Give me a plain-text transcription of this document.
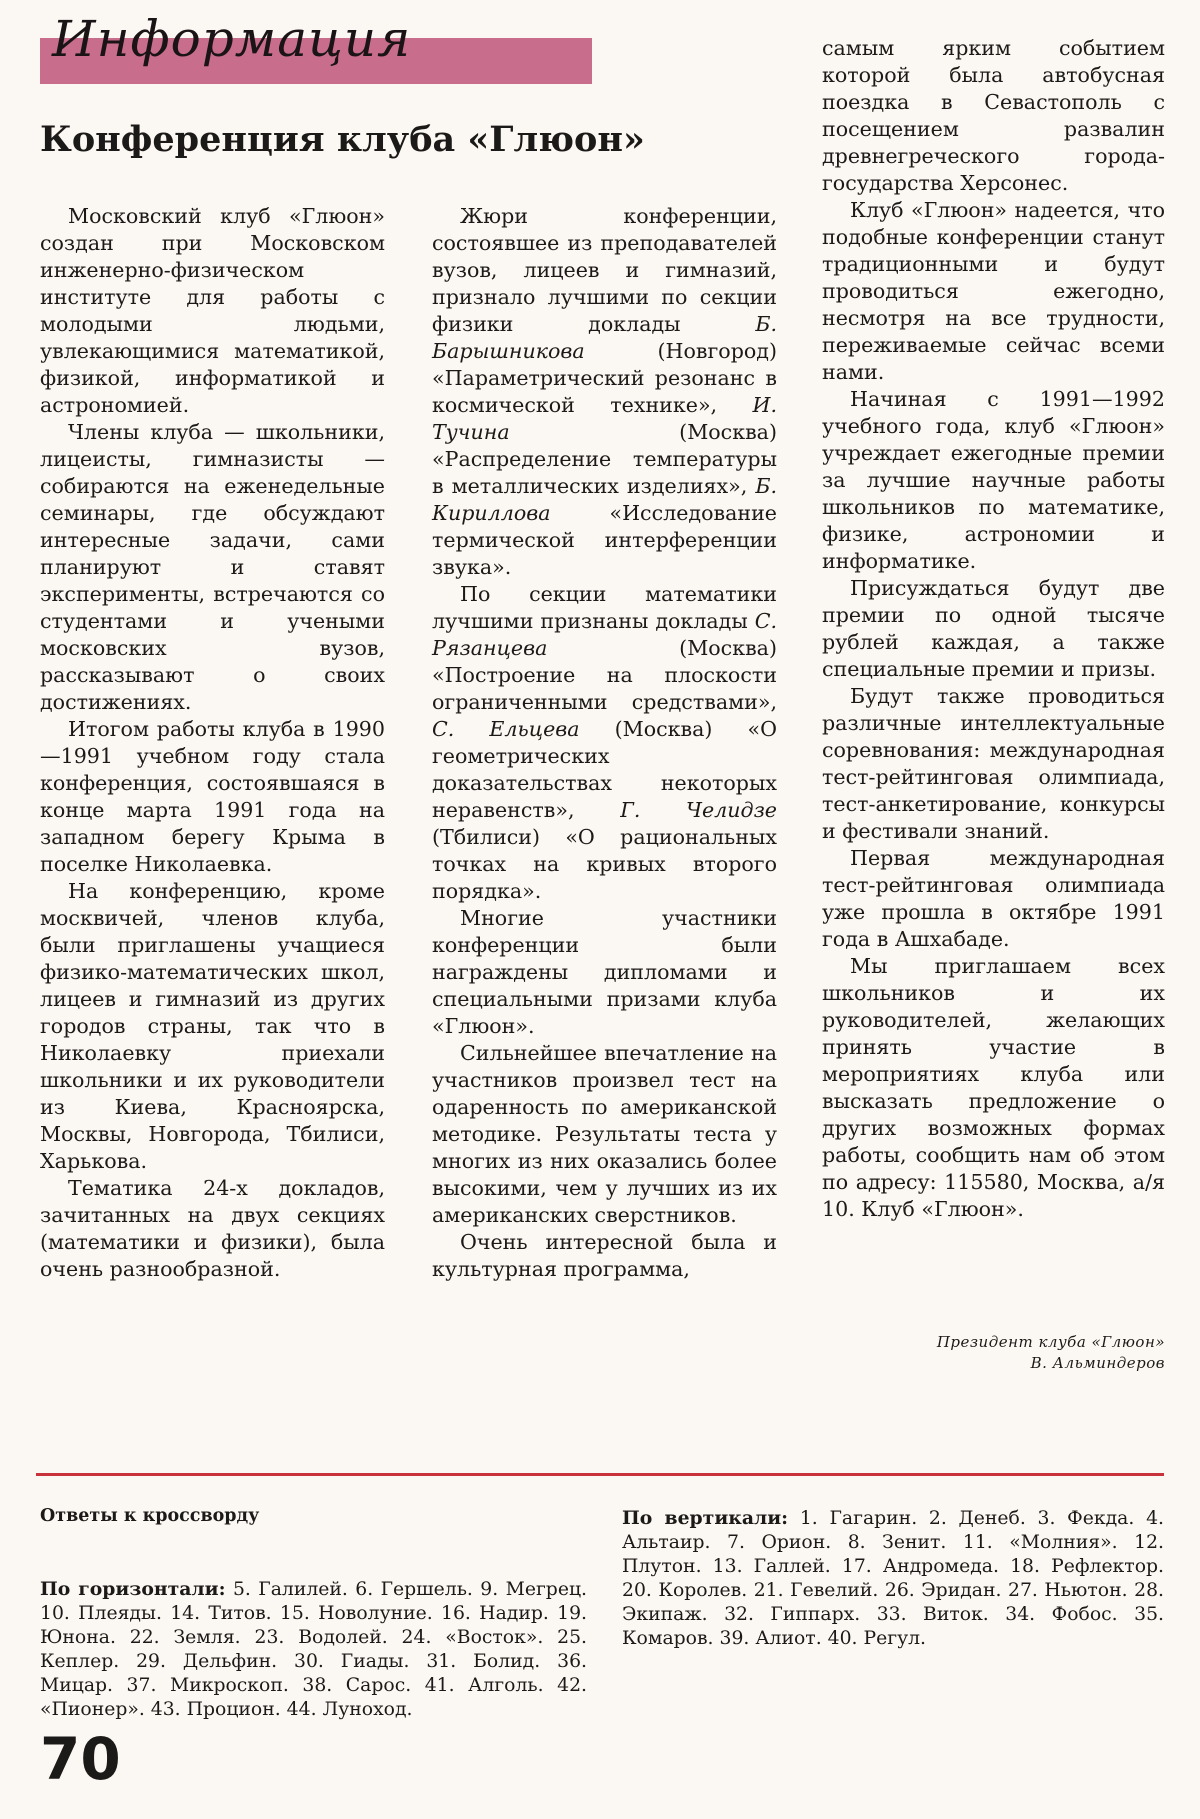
Информация
Конференция клуба «Глюон»

Московский клуб «Глюон» создан при Московском инженерно-физическом институте для работы с молодыми людьми, увлекающимися математикой, физикой, информатикой и астрономией.

Члены клуба — школьники, лицеисты, гимназисты — собираются на еженедельные семинары, где обсуждают интересные задачи, сами планируют и ставят эксперименты, встречаются со студентами и учеными московских вузов, рассказывают о своих достижениях.

Итогом работы клуба в 1990—1991 учебном году стала конференция, состоявшаяся в конце марта 1991 года на западном берегу Крыма в поселке Николаевка.

На конференцию, кроме москвичей, членов клуба, были приглашены учащиеся физико-математических школ, лицеев и гимназий из других городов страны, так что в Николаевку приехали школьники и их руководители из Киева, Красноярска, Москвы, Новгорода, Тбилиси, Харькова.

Тематика 24-х докладов, зачитанных на двух секциях (математики и физики), была очень разнообразной.

Жюри конференции, состоявшее из преподавателей вузов, лицеев и гимназий, признало лучшими по секции физики доклады Б. Барышникова (Новгород) «Параметрический резонанс в космической технике», И. Тучина (Москва) «Распределение температуры в металлических изделиях», Б. Кириллова «Исследование термической интерференции звука».

По секции математики лучшими признаны доклады С. Рязанцева (Москва) «Построение на плоскости ограниченными средствами», С. Ельцева (Москва) «О геометрических доказательствах некоторых неравенств», Г. Челидзе (Тбилиси) «О рациональных точках на кривых второго порядка».

Многие участники конференции были награждены дипломами и специальными призами клуба «Глюон».

Сильнейшее впечатление на участников произвел тест на одаренность по американской методике. Результаты теста у многих из них оказались более высокими, чем у лучших из их американских сверстников.

Очень интересной была и культурная программа,

самым ярким событием которой была автобусная поездка в Севастополь с посещением развалин древнегреческого города-государства Херсонес.

Клуб «Глюон» надеется, что подобные конференции станут традиционными и будут проводиться ежегодно, несмотря на все трудности, переживаемые сейчас всеми нами.

Начиная с 1991—1992 учебного года, клуб «Глюон» учреждает ежегодные премии за лучшие научные работы школьников по математике, физике, астрономии и информатике.

Присуждаться будут две премии по одной тысяче рублей каждая, а также специальные премии и призы.

Будут также проводиться различные интеллектуальные соревнования: международная тест-рейтинговая олимпиада, тест-анкетирование, конкурсы и фестивали знаний.

Первая международная тест-рейтинговая олимпиада уже прошла в октябре 1991 года в Ашхабаде.

Мы приглашаем всех школьников и их руководителей, желающих принять участие в мероприятиях клуба или высказать предложение о других возможных формах работы, сообщить нам об этом по адресу: 115580, Москва, а/я 10. Клуб «Глюон».

Президент клуба «Глюон»
В. Альминдеров
Ответы к кроссворду

По горизонтали: 5. Галилей. 6. Гершель. 9. Мегрец. 10. Плеяды. 14. Титов. 15. Новолуние. 16. Надир. 19. Юнона. 22. Земля. 23. Водолей. 24. «Восток». 25. Кеплер. 29. Дельфин. 30. Гиады. 31. Болид. 36. Мицар. 37. Микроскоп. 38. Сарос. 41. Алголь. 42. «Пионер». 43. Процион. 44. Луноход.

По вертикали: 1. Гагарин. 2. Денеб. 3. Фекда. 4. Альтаир. 7. Орион. 8. Зенит. 11. «Молния». 12. Плутон. 13. Галлей. 17. Андромеда. 18. Рефлектор. 20. Королев. 21. Гевелий. 26. Эридан. 27. Ньютон. 28. Экипаж. 32. Гиппарх. 33. Виток. 34. Фобос. 35. Комаров. 39. Алиот. 40. Регул.

70
